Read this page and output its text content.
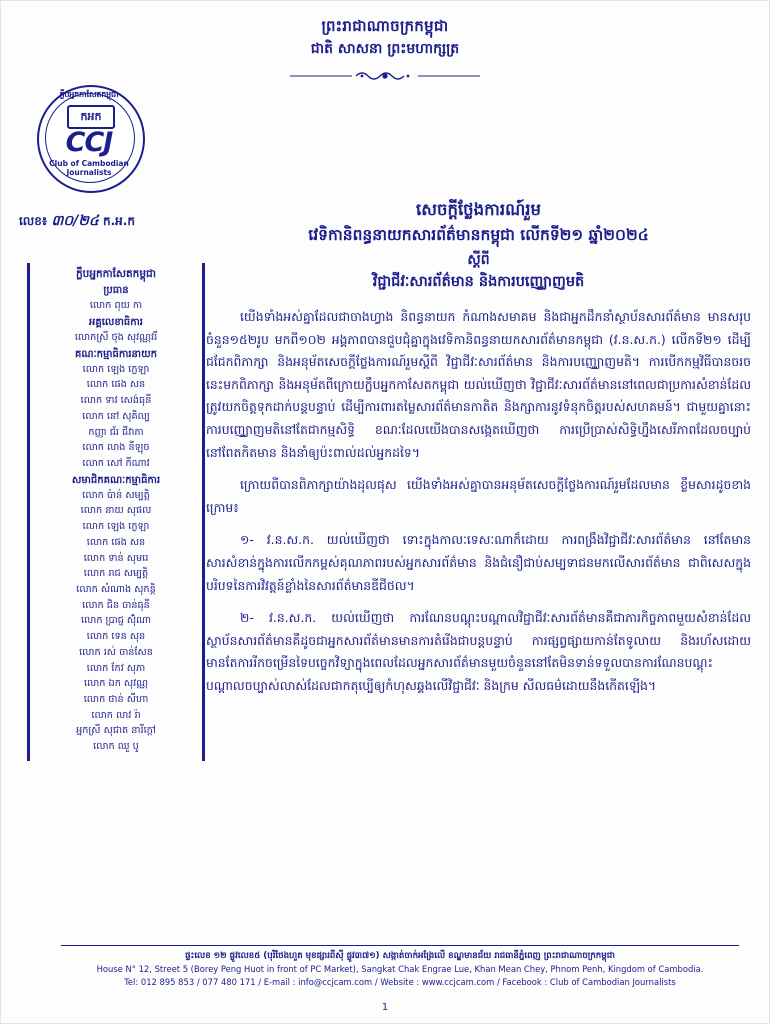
ព្រះរាជាណាចក្រកម្ពុជា
ជាតិ សាសនា ព្រះមហាក្សត្រ
ក្លឹបអ្នកកាសែតកម្ពុជា
កអក
CCJ
Club of Cambodian Journalists
លេខ៖ ៣០/២៤ ក.អ.ក
ក្លឹបអ្នកកាសែតកម្ពុជា
ប្រធាន
លោក ពុយ កា
អគ្គលេខាធិការ
លោកស្រី ថុង សុវណ្ណវរី
គណៈកម្មាធិការនាយក
លោក ឡេង ក្លេឡា
លោក ផេង សន
លោក ទាវ សេង់ធុនី
លោក នៅ សុគិល្ប
កញ្ញា ជ័រ ជីវាភា
លោក លាង នីឡុច
លោក សៅ កីណាវ
សមាជិកគណៈកម្មាធិការ
លោក ប៉ាន់ សម្បត្តិ
លោក នាយ សុផល
លោក ឡេង ក្លេឡា
លោក ផេង សន
លោក ទាន់ សុមរេ
លោក រាជ សម្បត្តិ
លោក សំណាង សុកន្តិ
លោក ជិន ចាន់ធុនី
លោក ប្រាជ្ញ ស៊ុំណា
លោក ទេន សុន
លោក រស់ ចាន់សែន
លោក កែវ សុភា
លោក ឯក សុវណ្ណ
លោក ថាន់ សីហា
លោក លាវ រ៉ា
អ្នកស្រី សុជាត នារីក្ដៅ
លោក ឈួ បូ
សេចក្ដីថ្លែងការណ៍រួម
វេទិកានិពន្ធនាយកសារព័ត៌មានកម្ពុជា លើកទី២១ ឆ្នាំ២០២៤
ស្ដីពី
វិជ្ជាជីវៈសារព័ត៌មាន និងការបញ្ឈោញមតិ

យើងទាំងអស់គ្នាដែលជាចាងហ្វាង និពន្ធនាយក កំណាងសមាគម និងជាអ្នកដឹកនាំស្ថាប័នសារព័ត៌មាន មានសរុបចំនួន១៥២រូប មកពី១០២ អង្គភាពបានជួបជុំគ្នាក្នុងវេទិកានិពន្ធនាយកសារព័ត៌មានកម្ពុជា (វ.ន.ស.ក.) លើកទី២១ ដើម្បីជជែកពិភាក្សា និងអនុម័តសេចក្ដីថ្លែងការណ៍រួមស្ដីពី វិជ្ជាជីវៈសារព័ត៌មាន និងការបញ្ឈោញមតិ។ ការបើកកម្មវិធីបានចរចនេះមកពិភាក្សា និងអនុម័តពីក្រោយក្លឹបអ្នកកាសែតកម្ពុជា យល់ឃើញថា វិជ្ជាជីវៈសារព័ត៌មាននៅពេលជាប្រការសំខាន់ដែលត្រូវយកចិត្តទុកដាក់បន្តបន្ទាប់ ដើម្បីការពារតម្លៃសារព័ត៌មានកាតិត និងក្សាការនូវទំនុកចិត្តរបស់សហគមន៍។ ជាមួយគ្នានោះ ការបញ្ឈោញមតិនៅតែជាកម្មសិទ្ធិ ខណៈដែលយើងបានសង្កេតឃើញថា ការប្រើប្រាស់សិទ្ធិហ្នឹងសេរីភាពដែលចប្បាប់នៅពែតកិតមាន និងនាំឲ្យប៉ះពាល់ដល់អ្នកដទៃ។

ក្រោយពីបានពិភាក្សាយ៉ាងដុលផុស យើងទាំងអស់គ្នាបានអនុម័តសេចក្ដីថ្លែងការណ៍រួមដែលមាន ខ្លឹមសារដូចខាងក្រោម៖

១- វ.ន.ស.ក. យល់ឃើញថា ទោះក្នុងកាលៈទេសៈណាក៏ដោយ ការពង្រឹងវិជ្ជាជីវៈសារព័ត៌មាន នៅតែមានសារសំខាន់ក្នុងការលើកកម្ពស់គុណភាពរបស់អ្នកសារព័ត៌មាន និងជំនឿជាប់សម្បទាជនមកលើសារព័ត៌មាន ជាពិសេសក្នុងបរិបទនៃការវិវត្តន៍ខ្លាំងនៃសារព័ត៌មានឌីជីថល។

២- វ.ន.ស.ក. យល់ឃើញថា ការណែនបណ្ដុះបណ្ដាលវិជ្ជាជីវៈសារព័ត៌មានគឺជាភារកិច្ចភាពមួយសំខាន់ដែលស្ថាប័នសារព័ត៌មានគឺដូចជាអ្នកសារព័ត៌មានមានការតំរើងជាបន្តបន្ទាប់ ការផ្សព្វផ្សាយកាន់តែទូលាយ និងរហ័សដោយមានតែការរីកចម្រើនទៃបច្ចេកវិទ្យាក្នុងពេលដែលអ្នកសារព័ត៌មានមួយចំនួននៅតែមិនទាន់ទទួលបានការណែនបណ្ដុះបណ្ដាលចប្បាស់លាស់ដែលជាកតុប្បើឲ្យកំហុសឆ្គងលើវិជ្ជាជីវៈ និងក្រម សីលធម៌ដោយនឹងកើតឡើង។

ផ្ទះលេខ ១២ ផ្លូវលេខ៥ (បុរីថែងហួត មុខផ្សារពីស៊ី ផ្លូវ៣៧១) សង្កាត់ចាក់អង្រែលើ ខណ្ឌមានជ័យ រាជធានីភ្នំពេញ ព្រះរាជាណាចក្រកម្ពុជា
House N° 12, Street 5 (Borey Peng Huot in front of PC Market), Sangkat Chak Engrae Lue, Khan Mean Chey, Phnom Penh, Kingdom of Cambodia.
Tel: 012 895 853 / 077 480 171 / E-mail : info@ccjcam.com / Website : www.ccjcam.com / Facebook : Club of Cambodian Journalists
1
